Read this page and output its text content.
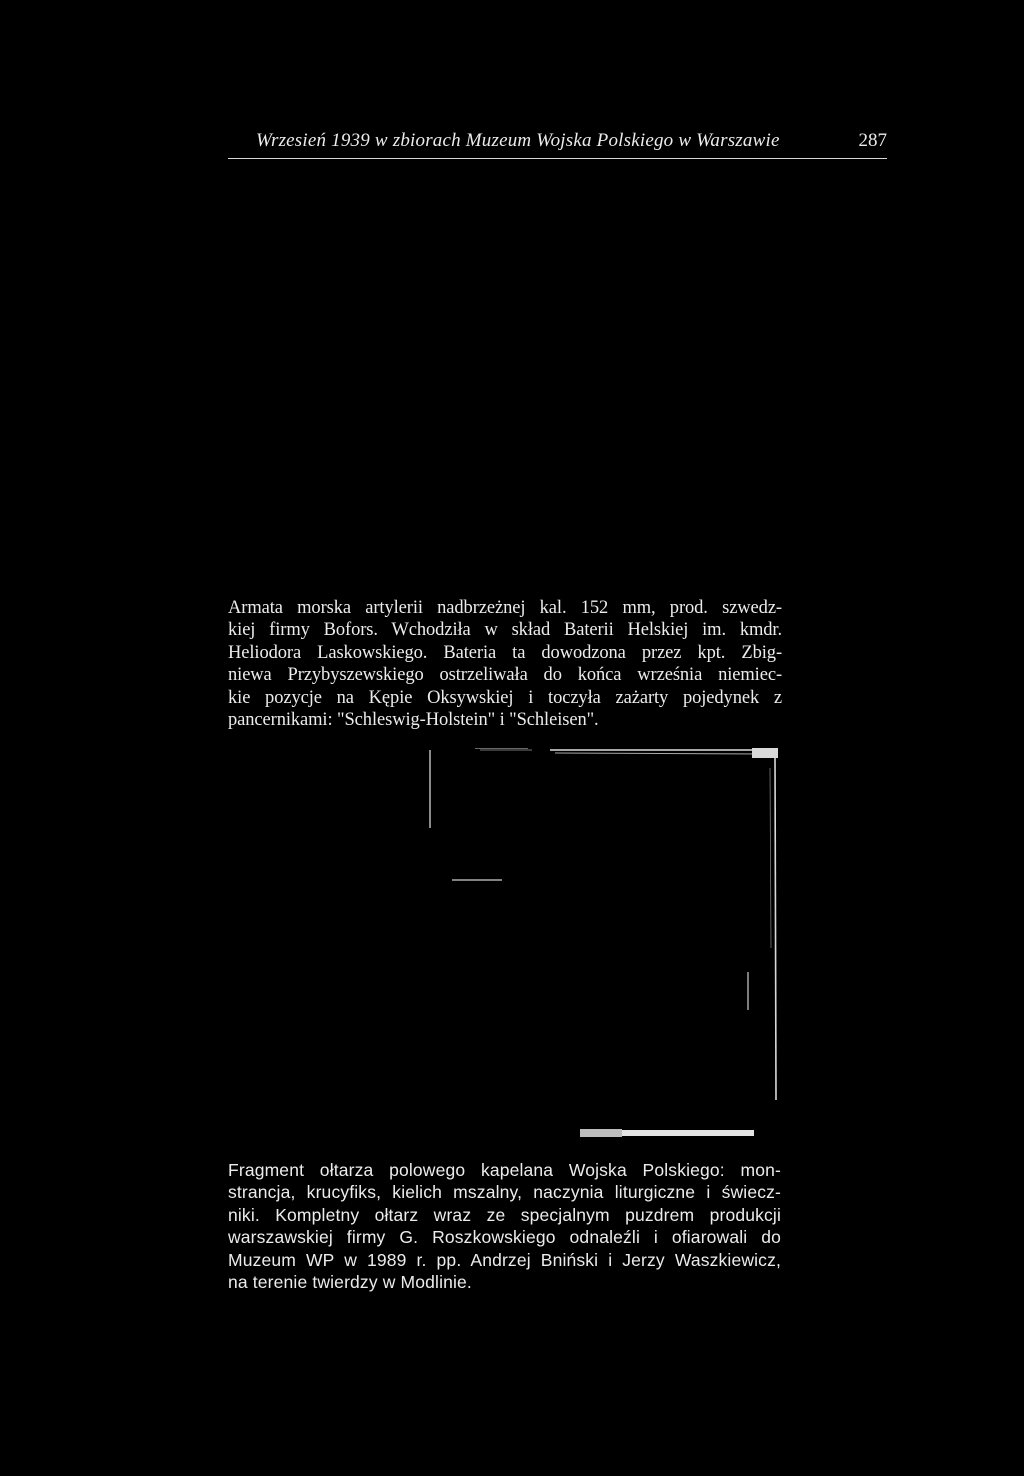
Wrzesień 1939 w zbiorach Muzeum Wojska Polskiego w Warszawie	287
Armata morska artylerii nadbrzeżnej kal. 152 mm, prod. szwedz-
kiej firmy Bofors. Wchodziła w skład Baterii Helskiej im. kmdr.
Heliodora Laskowskiego. Bateria ta dowodzona przez kpt. Zbig-
niewa Przybyszewskiego ostrzeliwała do końca września niemiec-
kie pozycje na Kępie Oksywskiej i toczyła zażarty pojedynek z
pancernikami: "Schleswig-Holstein" i "Schleisen".
Fragment ołtarza polowego kapelana Wojska Polskiego: mon-
strancja, krucyfiks, kielich mszalny, naczynia liturgiczne i świecz-
niki. Kompletny ołtarz wraz ze specjalnym puzdrem produkcji
warszawskiej firmy G. Roszkowskiego odnaleźli i ofiarowali do
Muzeum WP w 1989 r. pp. Andrzej Bniński i Jerzy Waszkiewicz,
na terenie twierdzy w Modlinie.
